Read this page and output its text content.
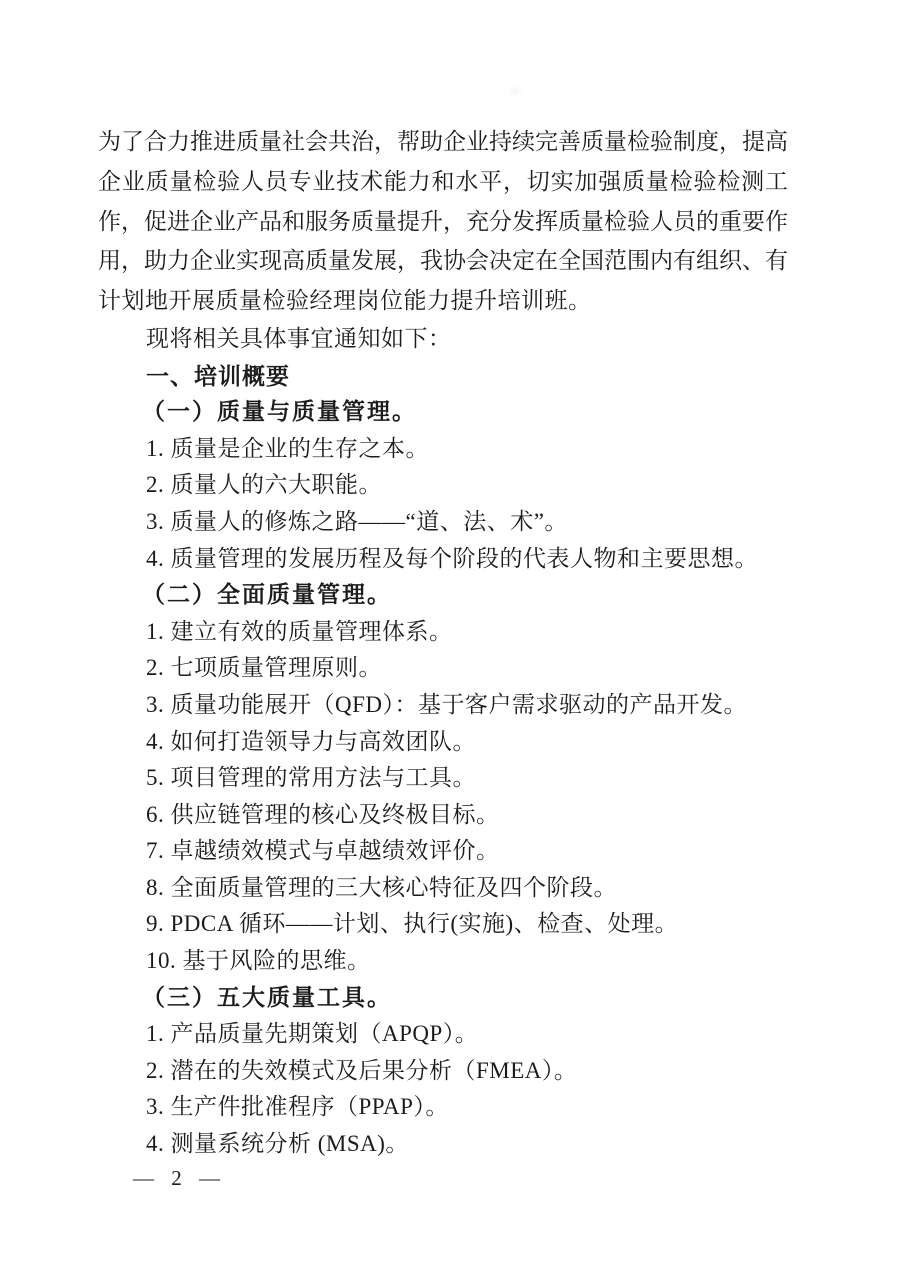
为了合力推进质量社会共治，帮助企业持续完善质量检验制度，提高
企业质量检验人员专业技术能力和水平，切实加强质量检验检测工
作，促进企业产品和服务质量提升，充分发挥质量检验人员的重要作
用，助力企业实现高质量发展，我协会决定在全国范围内有组织、有
计划地开展质量检验经理岗位能力提升培训班。
现将相关具体事宜通知如下：
一、培训概要
（一）质量与质量管理。
1. 质量是企业的生存之本。
2. 质量人的六大职能。
3. 质量人的修炼之路——“道、法、术”。
4. 质量管理的发展历程及每个阶段的代表人物和主要思想。
（二）全面质量管理。
1. 建立有效的质量管理体系。
2. 七项质量管理原则。
3. 质量功能展开（QFD）：基于客户需求驱动的产品开发。
4. 如何打造领导力与高效团队。
5. 项目管理的常用方法与工具。
6. 供应链管理的核心及终极目标。
7. 卓越绩效模式与卓越绩效评价。
8. 全面质量管理的三大核心特征及四个阶段。
9. PDCA 循环——计划、执行(实施)、检查、处理。
10. 基于风险的思维。
（三）五大质量工具。
1. 产品质量先期策划（APQP）。
2. 潜在的失效模式及后果分析（FMEA）。
3. 生产件批准程序（PPAP）。
4. 测量系统分析 (MSA)。
— 2 —
